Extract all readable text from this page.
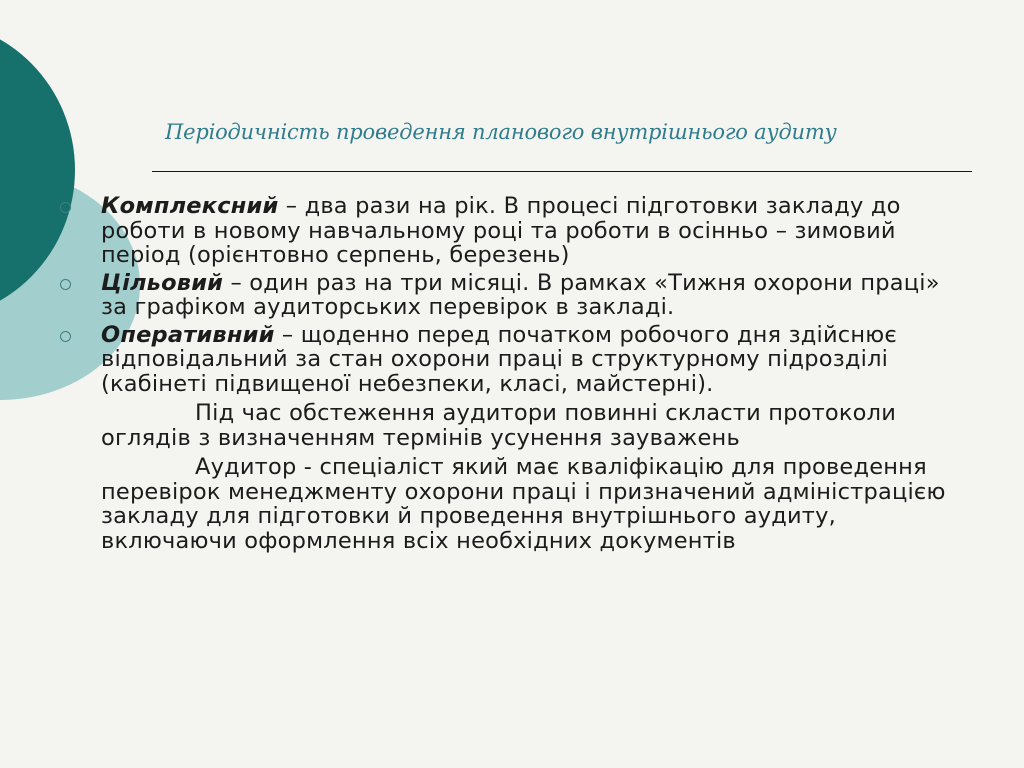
Періодичність проведення планового внутрішнього аудиту
Комплексний – два рази на рік. В процесі підготовки закладу до роботи в новому навчальному році та роботи в осінньо – зимовий період (орієнтовно серпень, березень)
Цільовий – один раз на три місяці. В рамках «Тижня охорони праці» за графіком аудиторських перевірок в закладі.
Оперативний – щоденно перед початком робочого дня здійснює відповідальний за стан охорони праці в структурному підрозділі (кабінеті підвищеної небезпеки, класі, майстерні).
Під час обстеження аудитори повинні скласти протоколи оглядів з визначенням термінів усунення зауважень
Аудитор - спеціаліст який має кваліфікацію для проведення перевірок менеджменту охорони праці і призначений адміністрацією закладу для підготовки й проведення внутрішнього аудиту, включаючи оформлення всіх необхідних документів
